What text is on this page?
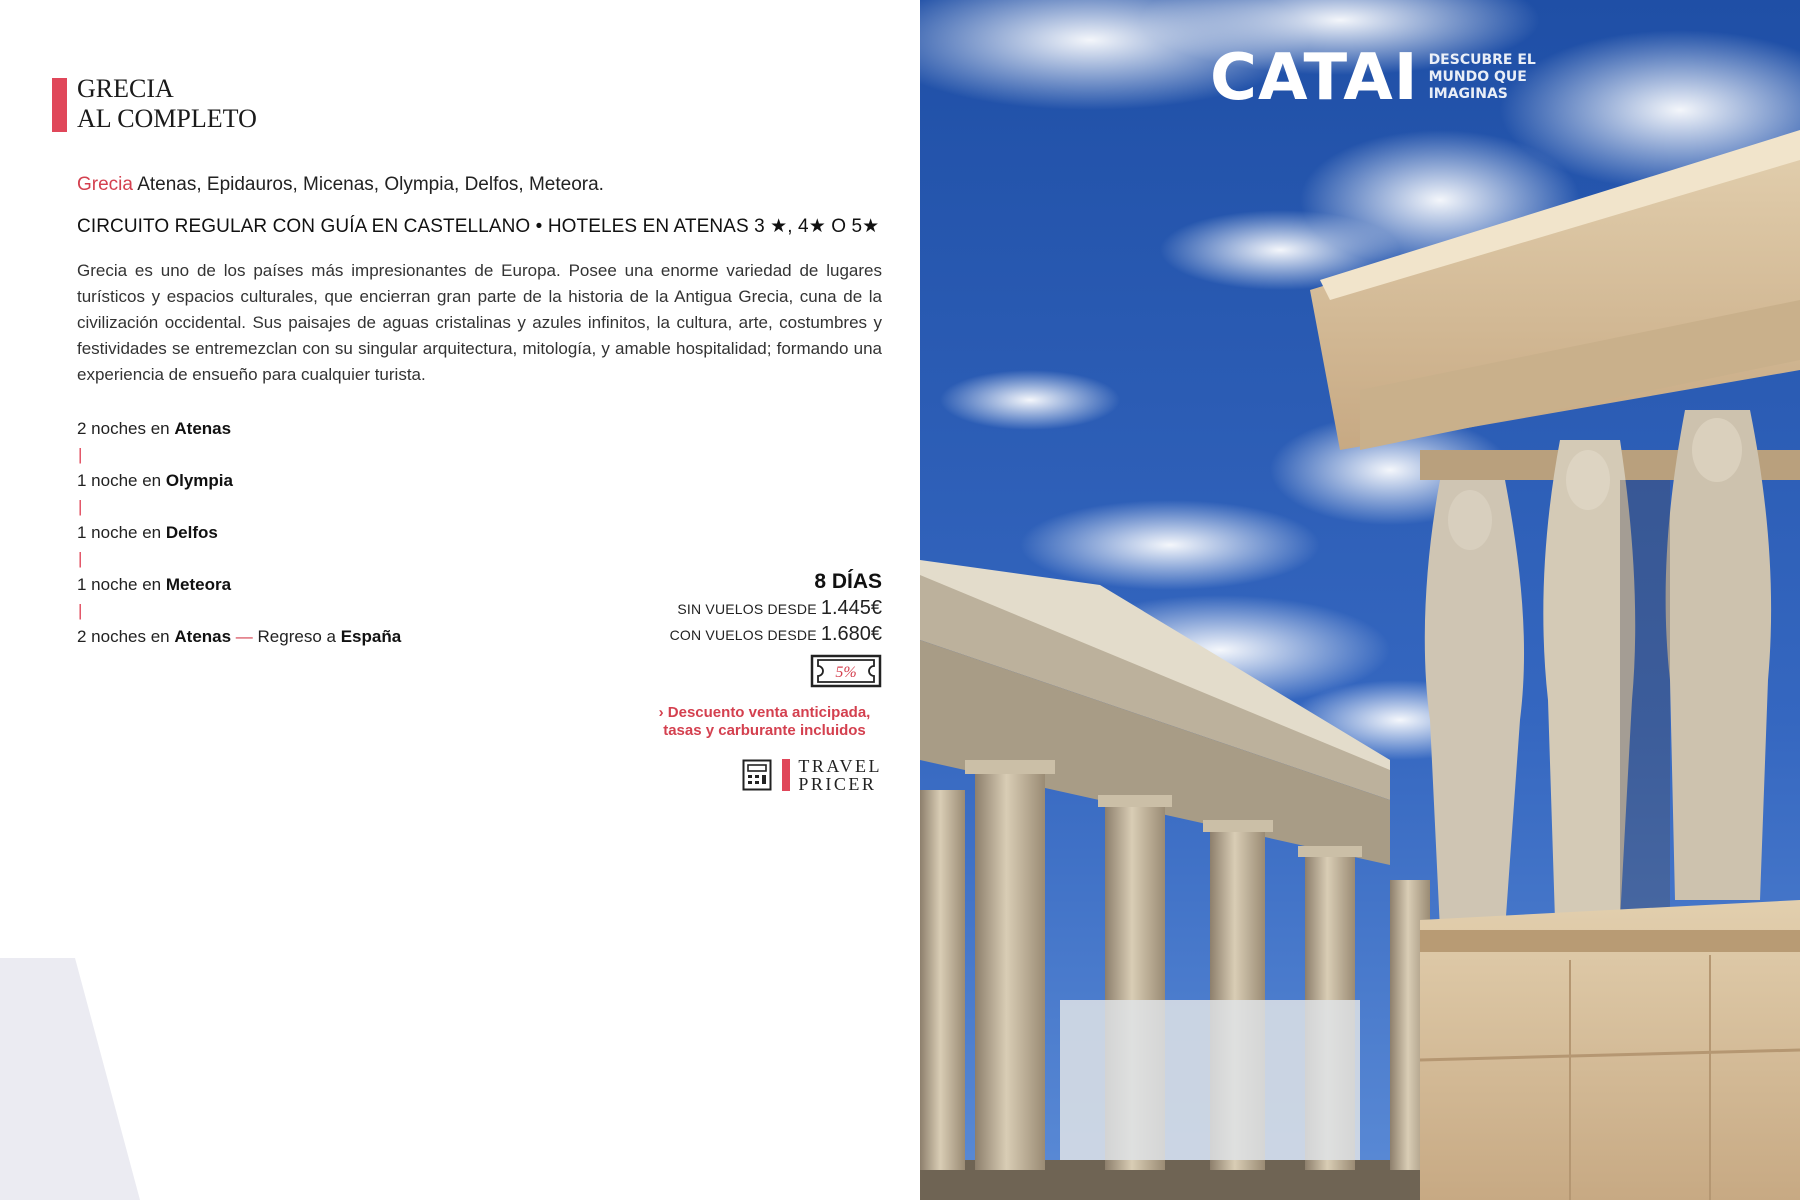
GRECIA
AL COMPLETO
Grecia Atenas, Epidauros, Micenas, Olympia, Delfos, Meteora.
CIRCUITO REGULAR CON GUÍA EN CASTELLANO • HOTELES EN ATENAS 3 ★, 4★ O 5★

Grecia es uno de los países más impresionantes de Europa. Posee una enorme variedad de lugares turísticos y espacios culturales, que encierran gran parte de la historia de la Antigua Grecia, cuna de la civilización occidental. Sus paisajes de aguas cristalinas y azules infinitos, la cultura, arte, costumbres y festividades se entremezclan con su singular arquitectura, mitología, y amable hospitalidad; formando una experiencia de ensueño para cualquier turista.

2 noches en Atenas
|
1 noche en Olympia
|
1 noche en Delfos
|
1 noche en Meteora
|
2 noches en Atenas — Regreso a España
8 DÍAS
SIN VUELOS DESDE 1.445€
CON VUELOS DESDE 1.680€
5%
› Descuento venta anticipada,
tasas y carburante incluidos
TRAVEL
PRICER
CATAI DESCUBRE EL
MUNDO QUE
IMAGINAS
